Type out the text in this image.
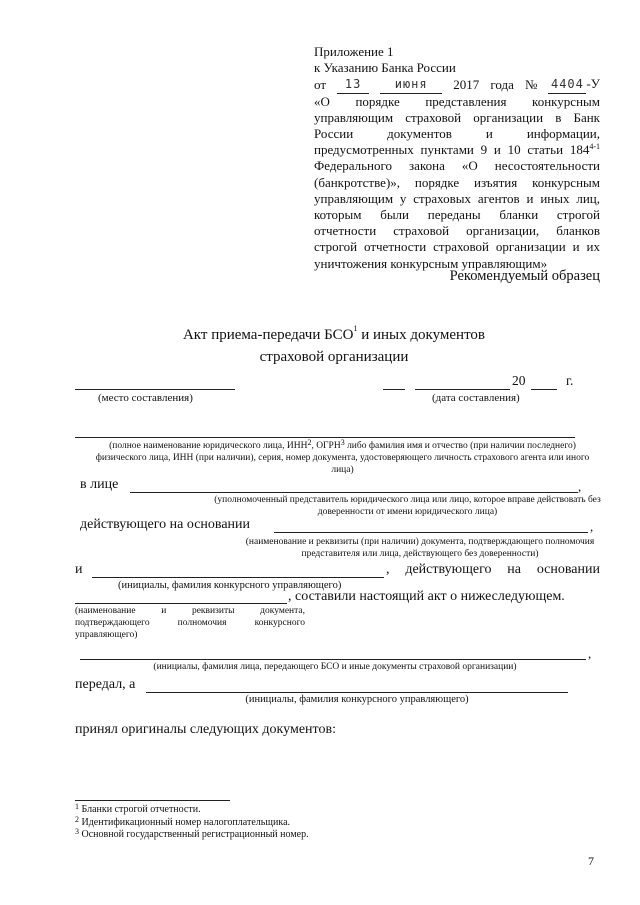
Приложение 1
к Указанию Банка России
от	13	июня	2017 года № 4404 -У
«О порядке представления конкурсным управляющим страховой организации в Банк России документов и информации, предусмотренных пунктами 9 и 10 статьи 184$^{4-1}$ Федерального закона «О несостоятельности (банкротстве)», порядке изъятия конкурсным управляющим у страховых агентов и иных лиц, которым были переданы бланки строгой отчетности страховой организации, бланков строгой отчетности страховой организации и их уничтожения конкурсным управляющим»
Рекомендуемый образец
Акт приема-передачи БСО$^1$ и иных документов
страховой организации
20	г.
(место составления)	(дата составления)
(полное наименование юридического лица, ИНН$^2$, ОГРН$^3$ либо фамилия имя и отчество (при наличии последнего) физического лица, ИНН (при наличии), серия, номер документа, удостоверяющего личность страхового агента или иного лица)
в лице	,
(уполномоченный представитель юридического лица или лицо, которое вправе действовать без доверенности от имени юридического лица)
действующего на основании	,
(наименование и реквизиты (при наличии) документа, подтверждающего полномочия представителя или лица, действующего без доверенности)
и	, действующего на основании
(инициалы, фамилия конкурсного управляющего)
, составили настоящий акт о нижеследующем.
(наименование и реквизиты документа,
подтверждающего полномочия конкурсного
управляющего)
,
(инициалы, фамилия лица, передающего БСО и иные документы страховой организации)
передал, а
(инициалы, фамилия конкурсного управляющего)
принял оригиналы следующих документов:
$^1$ Бланки строгой отчетности.
$^2$ Идентификационный номер налогоплательщика.
$^3$ Основной государственный регистрационный номер.
7
